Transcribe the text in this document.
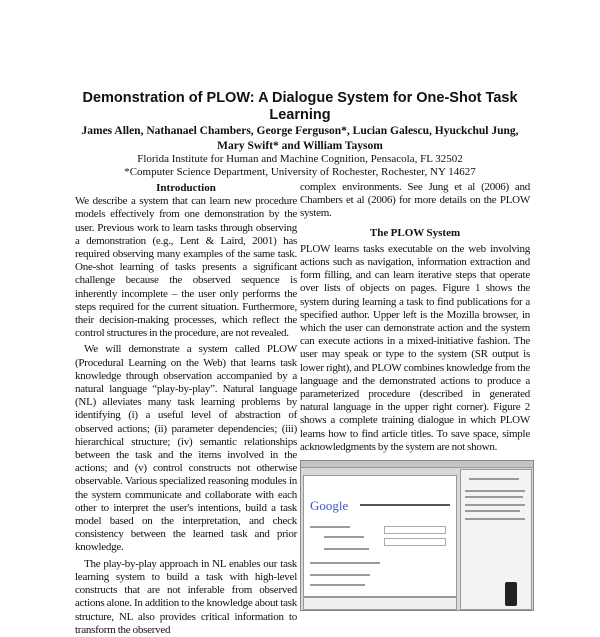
Demonstration of PLOW: A Dialogue System for One-Shot Task Learning
James Allen, Nathanael Chambers, George Ferguson*, Lucian Galescu, Hyuckchul Jung,
Mary Swift* and William Taysom
Florida Institute for Human and Machine Cognition, Pensacola, FL 32502
*Computer Science Department, University of Rochester, Rochester, NY 14627
Introduction

We describe a system that can learn new procedure models effectively from one demonstration by the user. Previous work to learn tasks through observing a demonstration (e.g., Lent & Laird, 2001) has required observing many examples of the same task. One-shot learning of tasks presents a significant challenge because the observed sequence is inherently incomplete – the user only performs the steps required for the current situation. Furthermore, their decision-making processes, which reflect the control structures in the procedure, are not revealed.

We will demonstrate a system called PLOW (Procedural Learning on the Web) that learns task knowledge through observation accompanied by a natural language “play-by-play”. Natural language (NL) alleviates many task learning problems by identifying (i) a useful level of abstraction of observed actions; (ii) parameter dependencies; (iii) hierarchical structure; (iv) semantic relationships between the task and the items involved in the actions; and (v) control constructs not otherwise observable. Various specialized reasoning modules in the system communicate and collaborate with each other to interpret the user's intentions, build a task model based on the interpretation, and check consistency between the learned task and prior knowledge.

The play-by-play approach in NL enables our task learning system to build a task with high-level constructs that are not inferable from observed actions alone. In addition to the knowledge about task structure, NL also provides critical information to transform the observed

complex environments. See Jung et al (2006) and Chambers et al (2006) for more details on the PLOW system.

The PLOW System

PLOW learns tasks executable on the web involving actions such as navigation, information extraction and form filling, and can learn iterative steps that operate over lists of objects on pages. Figure 1 shows the system during learning a task to find publications for a specified author. Upper left is the Mozilla browser, in which the user can demonstrate action and the system can execute actions in a mixed-initiative fashion. The user may speak or type to the system (SR output is lower right), and PLOW combines knowledge from the language and the demonstrated actions to produce a parameterized procedure (described in generated natural language in the upper right corner). Figure 2 shows a complete training dialogue in which PLOW learns how to find article titles. To save space, simple acknowledgments by the system are not shown.

Google
